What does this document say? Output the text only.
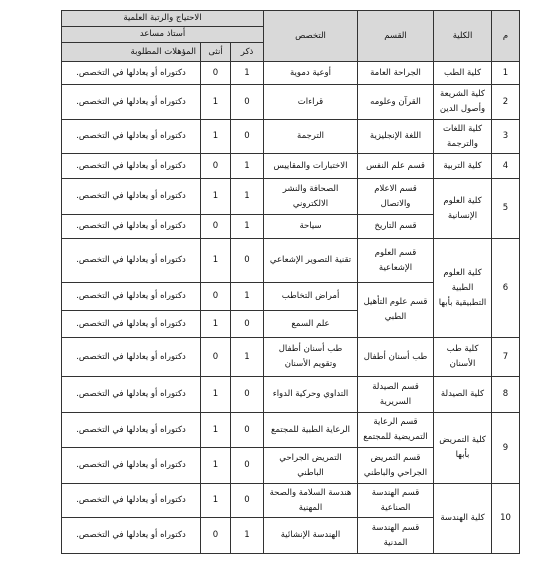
م	الكلية	القسم	التخصص	الاحتياج والرتبة العلمية		
				أستاذ مساعد		
				ذكر	أنثى	المؤهلات المطلوبة
1	كلية الطب	الجراحة العامة	أوعية دموية	1	0	دكتوراه أو يعادلها في التخصص.
2	كلية الشريعة وأصول الدين	القرآن وعلومه	قراءات	0	1	دكتوراه أو يعادلها في التخصص.
3	كلية اللغات والترجمة	اللغة الإنجليزية	الترجمة	0	1	دكتوراه أو يعادلها في التخصص.
4	كلية التربية	قسم علم النفس	الاختبارات والمقاييس	1	0	دكتوراه أو يعادلها في التخصص.
5	كلية العلوم الإنسانية	قسم الاعلام والاتصال	الصحافة والنشر الالكتروني	1	1	دكتوراه أو يعادلها في التخصص.
		قسم التاريخ	سياحة	1	0	دكتوراه أو يعادلها في التخصص.
6	كلية العلوم الطبية التطبيقية بأبها	قسم العلوم الإشعاعية	تقنية التصوير الإشعاعي	0	1	دكتوراه أو يعادلها في التخصص.
		قسم علوم التأهيل الطبي	أمراض التخاطب	1	0	دكتوراه أو يعادلها في التخصص.
			علم السمع	0	1	دكتوراه أو يعادلها في التخصص.
7	كلية طب الأسنان	طب أسنان أطفال	طب أسنان أطفال وتقويم الأسنان	1	0	دكتوراه أو يعادلها في التخصص.
8	كلية الصيدلة	قسم الصيدلة السريرية	التداوي وحركية الدواء	0	1	دكتوراه أو يعادلها في التخصص.
9	كلية التمريض بأبها	قسم الرعاية التمريضية للمجتمع	الرعاية الطبية للمجتمع	0	1	دكتوراه أو يعادلها في التخصص.
		قسم التمريض الجراحي والباطني	التمريض الجراحي الباطني	0	1	دكتوراه أو يعادلها في التخصص.
10	كلية الهندسة	قسم الهندسة الصناعية	هندسة السلامة والصحة المهنية	0	1	دكتوراه أو يعادلها في التخصص.
		قسم الهندسة المدنية	الهندسة الإنشائية	1	0	دكتوراه أو يعادلها في التخصص.
